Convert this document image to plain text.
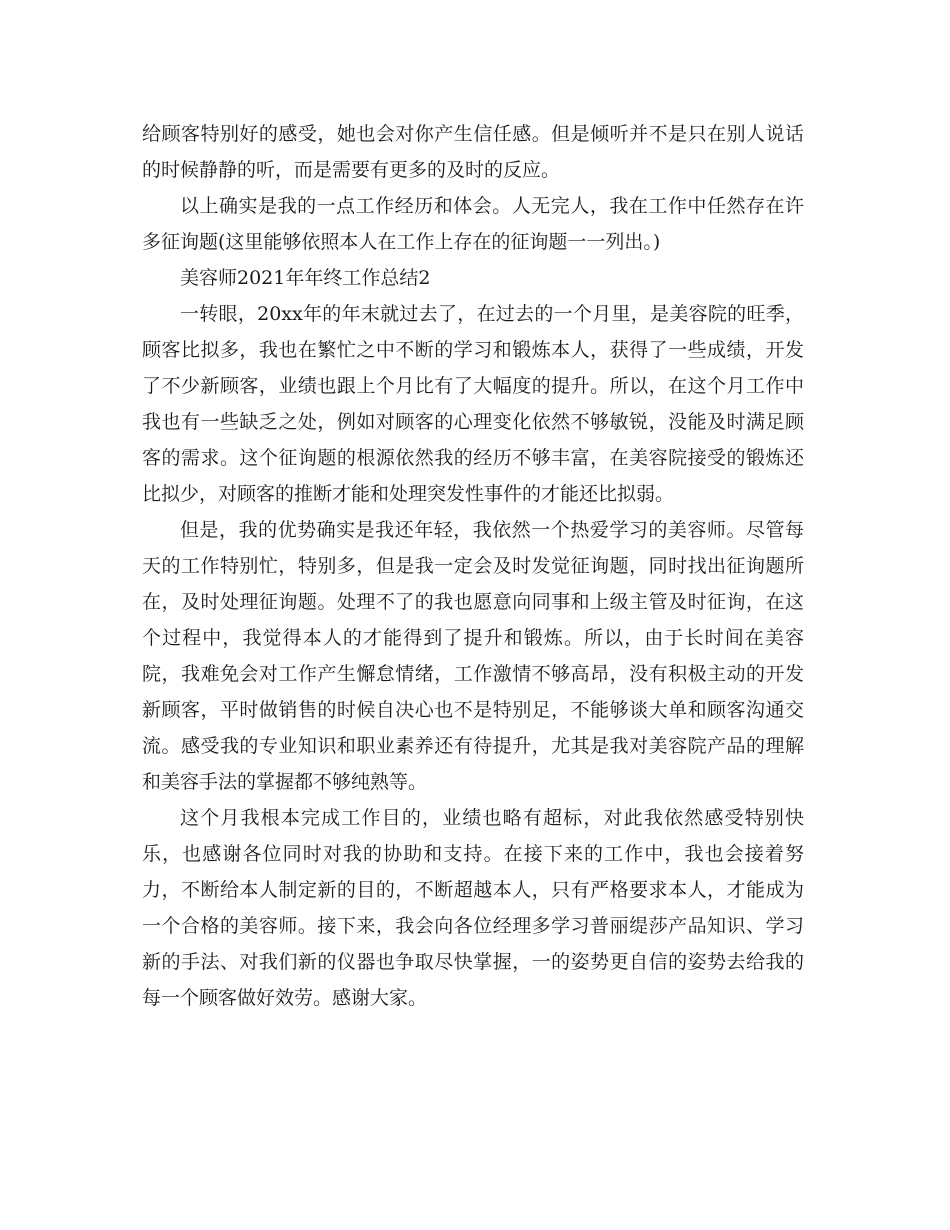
给顾客特别好的感受，她也会对你产生信任感。但是倾听并不是只在别人说话的时候静静的听，而是需要有更多的及时的反应。

以上确实是我的一点工作经历和体会。人无完人，我在工作中任然存在许多征询题(这里能够依照本人在工作上存在的征询题一一列出。)

美容师2021年年终工作总结2

一转眼，20xx年的年末就过去了，在过去的一个月里，是美容院的旺季，顾客比拟多，我也在繁忙之中不断的学习和锻炼本人，获得了一些成绩，开发了不少新顾客，业绩也跟上个月比有了大幅度的提升。所以，在这个月工作中我也有一些缺乏之处，例如对顾客的心理变化依然不够敏锐，没能及时满足顾客的需求。这个征询题的根源依然我的经历不够丰富，在美容院接受的锻炼还比拟少，对顾客的推断才能和处理突发性事件的才能还比拟弱。

但是，我的优势确实是我还年轻，我依然一个热爱学习的美容师。尽管每天的工作特别忙，特别多，但是我一定会及时发觉征询题，同时找出征询题所在，及时处理征询题。处理不了的我也愿意向同事和上级主管及时征询，在这个过程中，我觉得本人的才能得到了提升和锻炼。所以，由于长时间在美容院，我难免会对工作产生懈怠情绪，工作激情不够高昂，没有积极主动的开发新顾客，平时做销售的时候自决心也不是特别足，不能够谈大单和顾客沟通交流。感受我的专业知识和职业素养还有待提升，尤其是我对美容院产品的理解和美容手法的掌握都不够纯熟等。

这个月我根本完成工作目的，业绩也略有超标，对此我依然感受特别快乐，也感谢各位同时对我的协助和支持。在接下来的工作中，我也会接着努力，不断给本人制定新的目的，不断超越本人，只有严格要求本人，才能成为一个合格的美容师。接下来，我会向各位经理多学习普丽缇莎产品知识、学习新的手法、对我们新的仪器也争取尽快掌握，一的姿势更自信的姿势去给我的每一个顾客做好效劳。感谢大家。
